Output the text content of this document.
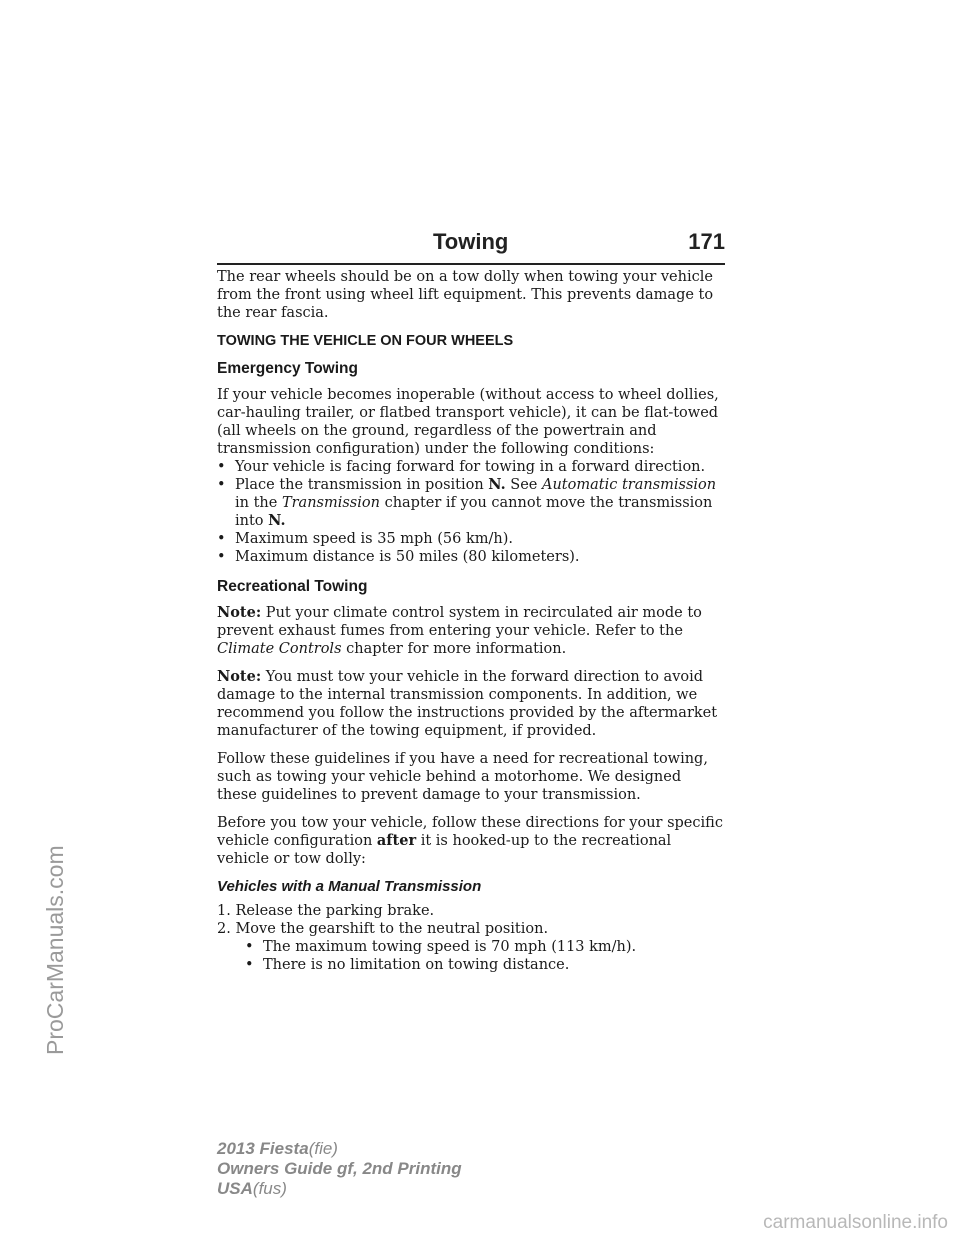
Towing	171

The rear wheels should be on a tow dolly when towing your vehicle from the front using wheel lift equipment. This prevents damage to the rear fascia.

TOWING THE VEHICLE ON FOUR WHEELS
Emergency Towing

If your vehicle becomes inoperable (without access to wheel dollies, car-hauling trailer, or flatbed transport vehicle), it can be flat-towed (all wheels on the ground, regardless of the powertrain and transmission configuration) under the following conditions:

• Your vehicle is facing forward for towing in a forward direction.
• Place the transmission in position N. See Automatic transmission in the Transmission chapter if you cannot move the transmission into N.
• Maximum speed is 35 mph (56 km/h).
• Maximum distance is 50 miles (80 kilometers).
Recreational Towing

Note: Put your climate control system in recirculated air mode to prevent exhaust fumes from entering your vehicle. Refer to the Climate Controls chapter for more information.

Note: You must tow your vehicle in the forward direction to avoid damage to the internal transmission components. In addition, we recommend you follow the instructions provided by the aftermarket manufacturer of the towing equipment, if provided.

Follow these guidelines if you have a need for recreational towing, such as towing your vehicle behind a motorhome. We designed these guidelines to prevent damage to your transmission.

Before you tow your vehicle, follow these directions for your specific vehicle configuration after it is hooked-up to the recreational vehicle or tow dolly:

Vehicles with a Manual Transmission
1. Release the parking brake.
2. Move the gearshift to the neutral position.
• The maximum towing speed is 70 mph (113 km/h).
• There is no limitation on towing distance.
2013 Fiesta(fie)
Owners Guide gf, 2nd Printing
USA(fus)
ProCarManuals.com
carmanualsonline.info
